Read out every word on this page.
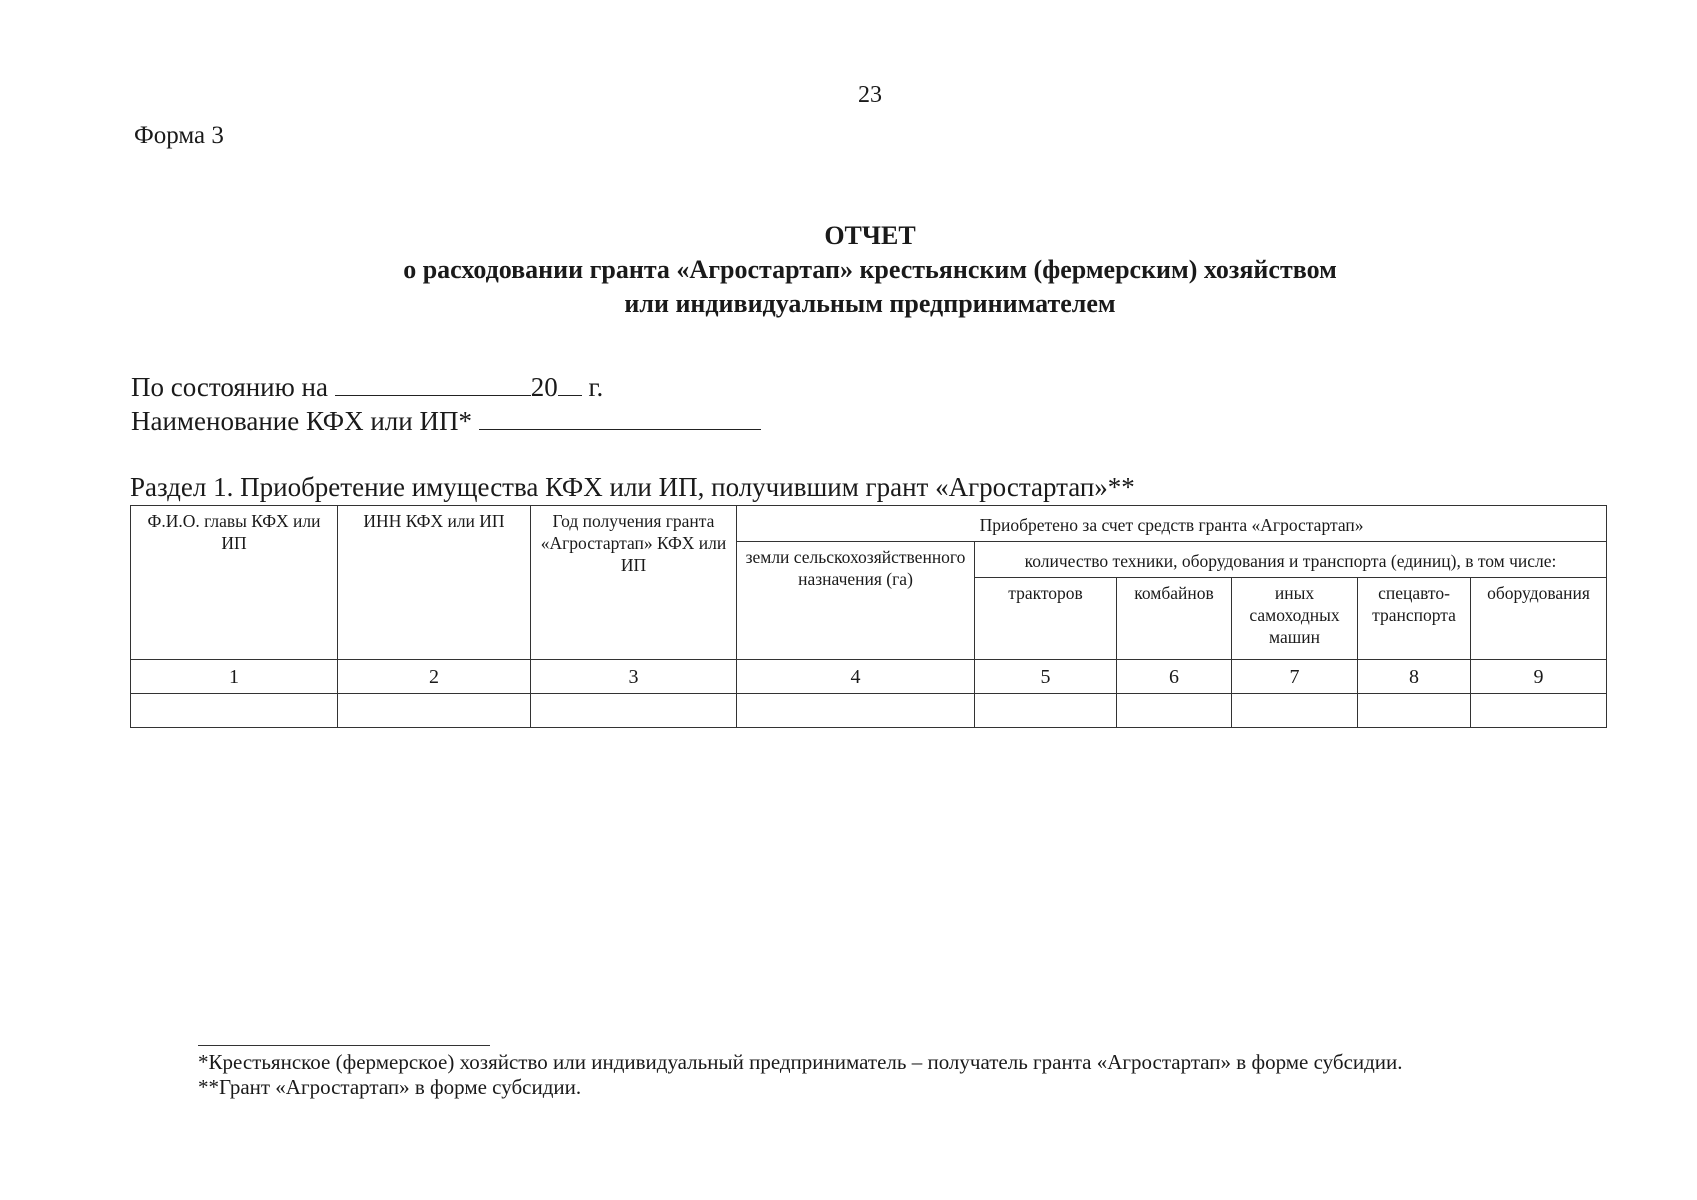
23
Форма 3
ОТЧЕТ
о расходовании гранта «Агростартап» крестьянским (фермерским) хозяйством
или индивидуальным предпринимателем
По состоянию на	20 г.
Наименование КФХ или ИП*
Раздел 1. Приобретение имущества КФХ или ИП, получившим грант «Агростартап»**
Ф.И.О. главы КФХ или ИП	ИНН КФХ или ИП	Год получения гранта «Агростартап» КФХ или ИП	Приобретено за счет средств гранта «Агростартап»					
			земли сельскохозяйственного назначения (га)	количество техники, оборудования и транспорта (единиц), в том числе:				
				тракторов	комбайнов	иных самоходных машин	спецавто-транспорта	оборудования
1	2	3	4	5	6	7	8	9

*Крестьянское (фермерское) хозяйство или индивидуальный предприниматель – получатель гранта «Агростартап» в форме субсидии.
**Грант «Агростартап» в форме субсидии.
